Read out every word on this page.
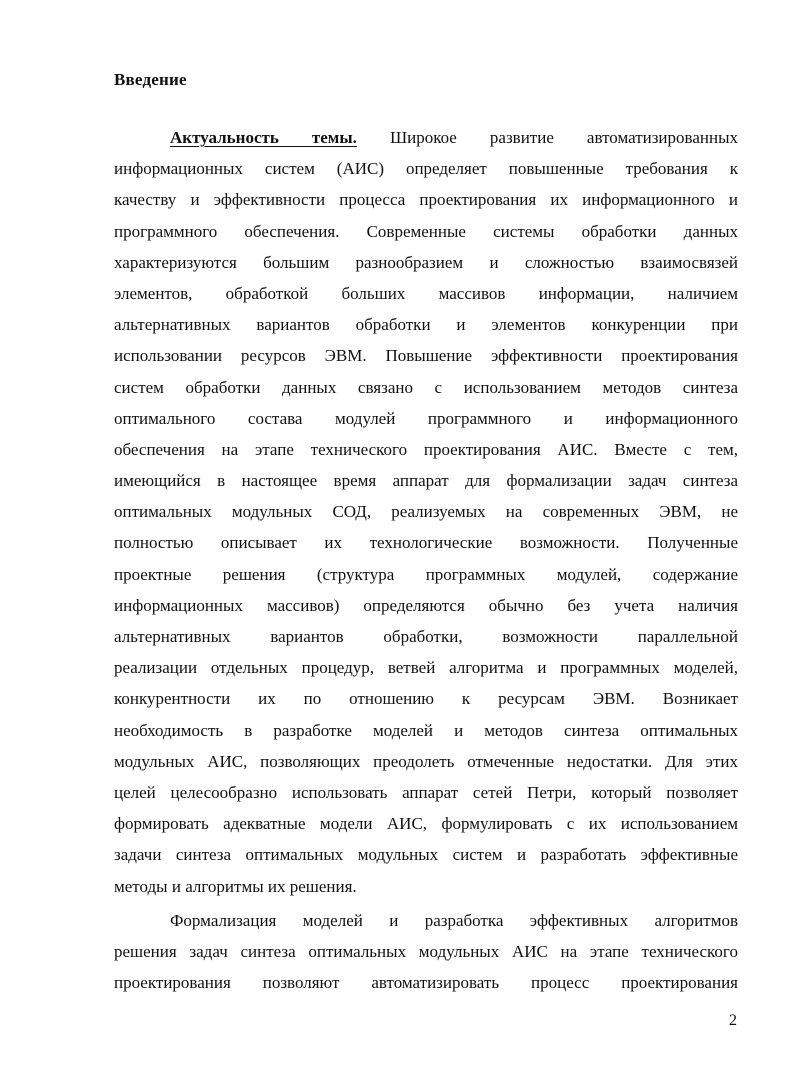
Введение
Актуальность темы. Широкое развитие автоматизированных
информационных систем (АИС) определяет повышенные требования к
качеству и эффективности процесса проектирования их информационного и
программного обеспечения. Современные системы обработки данных
характеризуются большим разнообразием и сложностью взаимосвязей
элементов, обработкой больших массивов информации, наличием
альтернативных вариантов обработки и элементов конкуренции при
использовании ресурсов ЭВМ. Повышение эффективности проектирования
систем обработки данных связано с использованием методов синтеза
оптимального состава модулей программного и информационного
обеспечения на этапе технического проектирования АИС. Вместе с тем,
имеющийся в настоящее время аппарат для формализации задач синтеза
оптимальных модульных СОД, реализуемых на современных ЭВМ, не
полностью описывает их технологические возможности. Полученные
проектные решения (структура программных модулей, содержание
информационных массивов) определяются обычно без учета наличия
альтернативных вариантов обработки, возможности параллельной
реализации отдельных процедур, ветвей алгоритма и программных моделей,
конкурентности их по отношению к ресурсам ЭВМ. Возникает
необходимость в разработке моделей и методов синтеза оптимальных
модульных АИС, позволяющих преодолеть отмеченные недостатки. Для этих
целей целесообразно использовать аппарат сетей Петри, который позволяет
формировать адекватные модели АИС, формулировать с их использованием
задачи синтеза оптимальных модульных систем и разработать эффективные
методы и алгоритмы их решения.
Формализация моделей и разработка эффективных алгоритмов
решения задач синтеза оптимальных модульных АИС на этапе технического
проектирования позволяют автоматизировать процесс проектирования
2
